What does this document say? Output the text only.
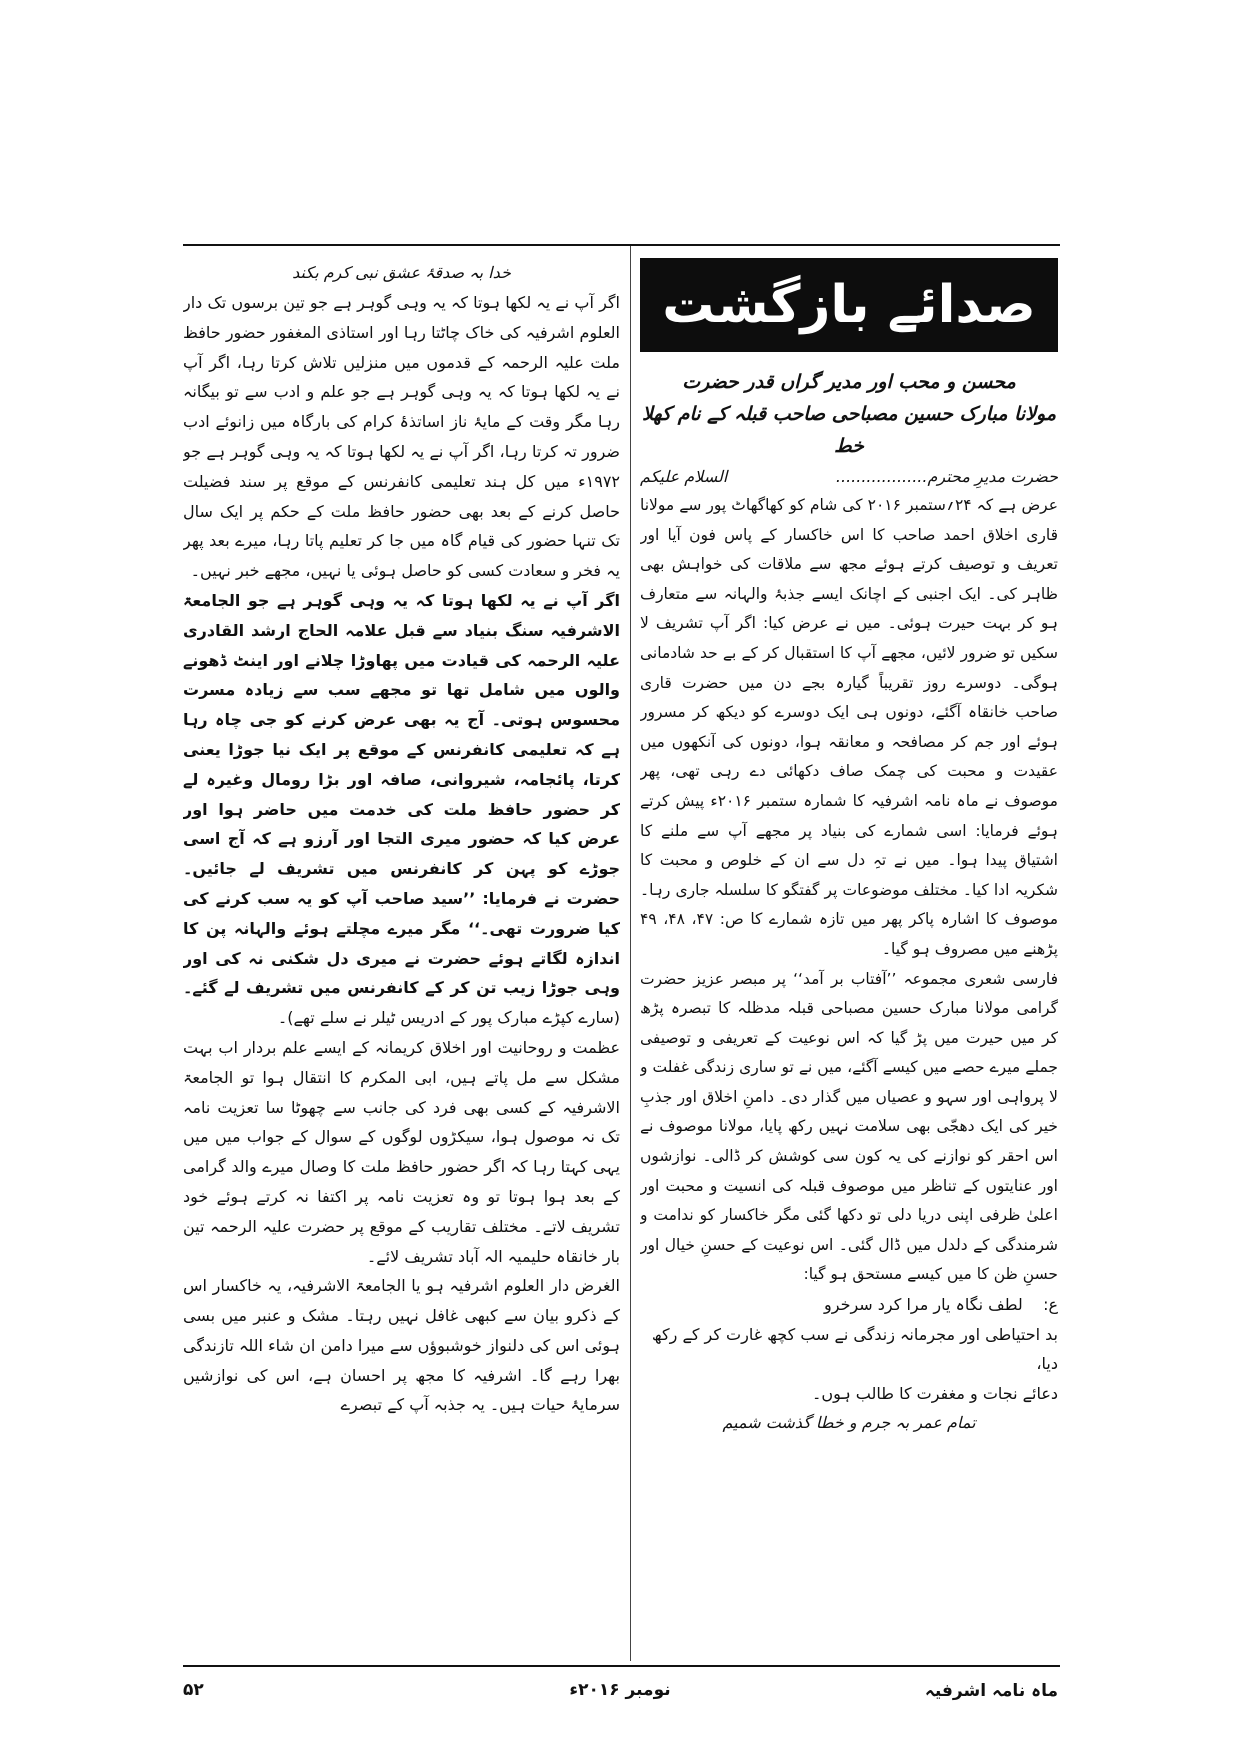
صدائے بازگشت

محسن و محب اور مدیر گراں قدر حضرت

مولانا مبارک حسین مصباحی صاحب قبلہ کے نام کھلا خط

حضرت مدیرِ محترم..................
السلام علیکم

عرض ہے کہ ۲۴؍ستمبر ۲۰۱۶ کی شام کو کھاگھاٹ پور سے مولانا قاری اخلاق احمد صاحب کا اس خاکسار کے پاس فون آیا اور تعریف و توصیف کرتے ہوئے مجھ سے ملاقات کی خواہش بھی ظاہر کی۔ ایک اجنبی کے اچانک ایسے جذبۂ والہانہ سے متعارف ہو کر بہت حیرت ہوئی۔ میں نے عرض کیا: اگر آپ تشریف لا سکیں تو ضرور لائیں، مجھے آپ کا استقبال کر کے بے حد شادمانی ہوگی۔ دوسرے روز تقریباً گیارہ بجے دن میں حضرت قاری صاحب خانقاہ آگئے، دونوں ہی ایک دوسرے کو دیکھ کر مسرور ہوئے اور جم کر مصافحہ و معانقہ ہوا، دونوں کی آنکھوں میں عقیدت و محبت کی چمک صاف دکھائی دے رہی تھی، پھر موصوف نے ماہ نامہ اشرفیہ کا شمارہ ستمبر ۲۰۱۶ء پیش کرتے ہوئے فرمایا: اسی شمارے کی بنیاد پر مجھے آپ سے ملنے کا اشتیاق پیدا ہوا۔ میں نے تہِ دل سے ان کے خلوص و محبت کا شکریہ ادا کیا۔ مختلف موضوعات پر گفتگو کا سلسلہ جاری رہا۔ موصوف کا اشارہ پاکر پھر میں تازہ شمارے کا ص: ۴۷، ۴۸، ۴۹ پڑھنے میں مصروف ہو گیا۔

فارسی شعری مجموعہ ’’آفتاب بر آمد‘‘ پر مبصر عزیز حضرت گرامی مولانا مبارک حسین مصباحی قبلہ مدظلہ کا تبصرہ پڑھ کر میں حیرت میں پڑ گیا کہ اس نوعیت کے تعریفی و توصیفی جملے میرے حصے میں کیسے آگئے، میں نے تو ساری زندگی غفلت و لا پرواہی اور سہو و عصیاں میں گذار دی۔ دامنِ اخلاق اور جذبِ خیر کی ایک دھجّی بھی سلامت نہیں رکھ پایا، مولانا موصوف نے اس احقر کو نوازنے کی یہ کون سی کوشش کر ڈالی۔ نوازشوں اور عنایتوں کے تناظر میں موصوف قبلہ کی انسیت و محبت اور اعلیٰ ظرفی اپنی دریا دلی تو دکھا گئی مگر خاکسار کو ندامت و شرمندگی کے دلدل میں ڈال گئی۔ اس نوعیت کے حسنِ خیال اور حسنِ ظن کا میں کیسے مستحق ہو گیا:

ع:    لطف نگاہ یار مرا کرد سرخرو

بد احتیاطی اور مجرمانہ زندگی نے سب کچھ غارت کر کے رکھ دیا،

دعائے نجات و مغفرت کا طالب ہوں۔

تمام عمر بہ جرم و خطا گذشت شمیم

خدا بہ صدقۂ عشق نبی کرم بکند

اگر آپ نے یہ لکھا ہوتا کہ یہ وہی گوہر ہے جو تین برسوں تک دار العلوم اشرفیہ کی خاک چاٹتا رہا اور استاذی المغفور حضور حافظ ملت علیہ الرحمہ کے قدموں میں منزلیں تلاش کرتا رہا، اگر آپ نے یہ لکھا ہوتا کہ یہ وہی گوہر ہے جو علم و ادب سے تو بیگانہ رہا مگر وقت کے مایۂ ناز اساتذۂ کرام کی بارگاہ میں زانوئے ادب ضرور تہ کرتا رہا، اگر آپ نے یہ لکھا ہوتا کہ یہ وہی گوہر ہے جو ۱۹۷۲ء میں کل ہند تعلیمی کانفرنس کے موقع پر سند فضیلت حاصل کرنے کے بعد بھی حضور حافظ ملت کے حکم پر ایک سال تک تنہا حضور کی قیام گاہ میں جا کر تعلیم پاتا رہا، میرے بعد پھر یہ فخر و سعادت کسی کو حاصل ہوئی یا نہیں، مجھے خبر نہیں۔

اگر آپ نے یہ لکھا ہوتا کہ یہ وہی گوہر ہے جو الجامعۃ الاشرفیہ سنگ بنیاد سے قبل علامہ الحاج ارشد القادری علیہ الرحمہ کی قیادت میں پھاوڑا چلانے اور اینٹ ڈھونے والوں میں شامل تھا تو مجھے سب سے زیادہ مسرت محسوس ہوتی۔ آج یہ بھی عرض کرنے کو جی چاہ رہا ہے کہ تعلیمی کانفرنس کے موقع پر ایک نیا جوڑا یعنی کرتا، پائجامہ، شیروانی، صافہ اور بڑا رومال وغیرہ لے کر حضور حافظ ملت کی خدمت میں حاضر ہوا اور عرض کیا کہ حضور میری التجا اور آرزو ہے کہ آج اسی جوڑے کو پہن کر کانفرنس میں تشریف لے جائیں۔ حضرت نے فرمایا: ’’سید صاحب آپ کو یہ سب کرنے کی کیا ضرورت تھی۔‘‘ مگر میرے مچلتے ہوئے والہانہ پن کا اندازہ لگاتے ہوئے حضرت نے میری دل شکنی نہ کی اور وہی جوڑا زیب تن کر کے کانفرنس میں تشریف لے گئے۔ (سارے کپڑے مبارک پور کے ادریس ٹیلر نے سلے تھے)۔

عظمت و روحانیت اور اخلاق کریمانہ کے ایسے علم بردار اب بہت مشکل سے مل پاتے ہیں، ابی المکرم کا انتقال ہوا تو الجامعۃ الاشرفیہ کے کسی بھی فرد کی جانب سے چھوٹا سا تعزیت نامہ تک نہ موصول ہوا، سیکڑوں لوگوں کے سوال کے جواب میں میں یہی کہتا رہا کہ اگر حضور حافظ ملت کا وصال میرے والد گرامی کے بعد ہوا ہوتا تو وہ تعزیت نامہ پر اکتفا نہ کرتے ہوئے خود تشریف لاتے۔ مختلف تقاریب کے موقع پر حضرت علیہ الرحمہ تین بار خانقاہ حلیمیہ الہ آباد تشریف لائے۔

الغرض دار العلوم اشرفیہ ہو یا الجامعۃ الاشرفیہ، یہ خاکسار اس کے ذکرو بیان سے کبھی غافل نہیں رہتا۔ مشک و عنبر میں بسی ہوئی اس کی دلنواز خوشبوؤں سے میرا دامن ان شاء اللہ تازندگی بھرا رہے گا۔ اشرفیہ کا مجھ پر احسان ہے، اس کی نوازشیں سرمایۂ حیات ہیں۔ یہ جذبہ آپ کے تبصرے

ماہ نامہ اشرفیہ
نومبر ۲۰۱۶ء
۵۲
